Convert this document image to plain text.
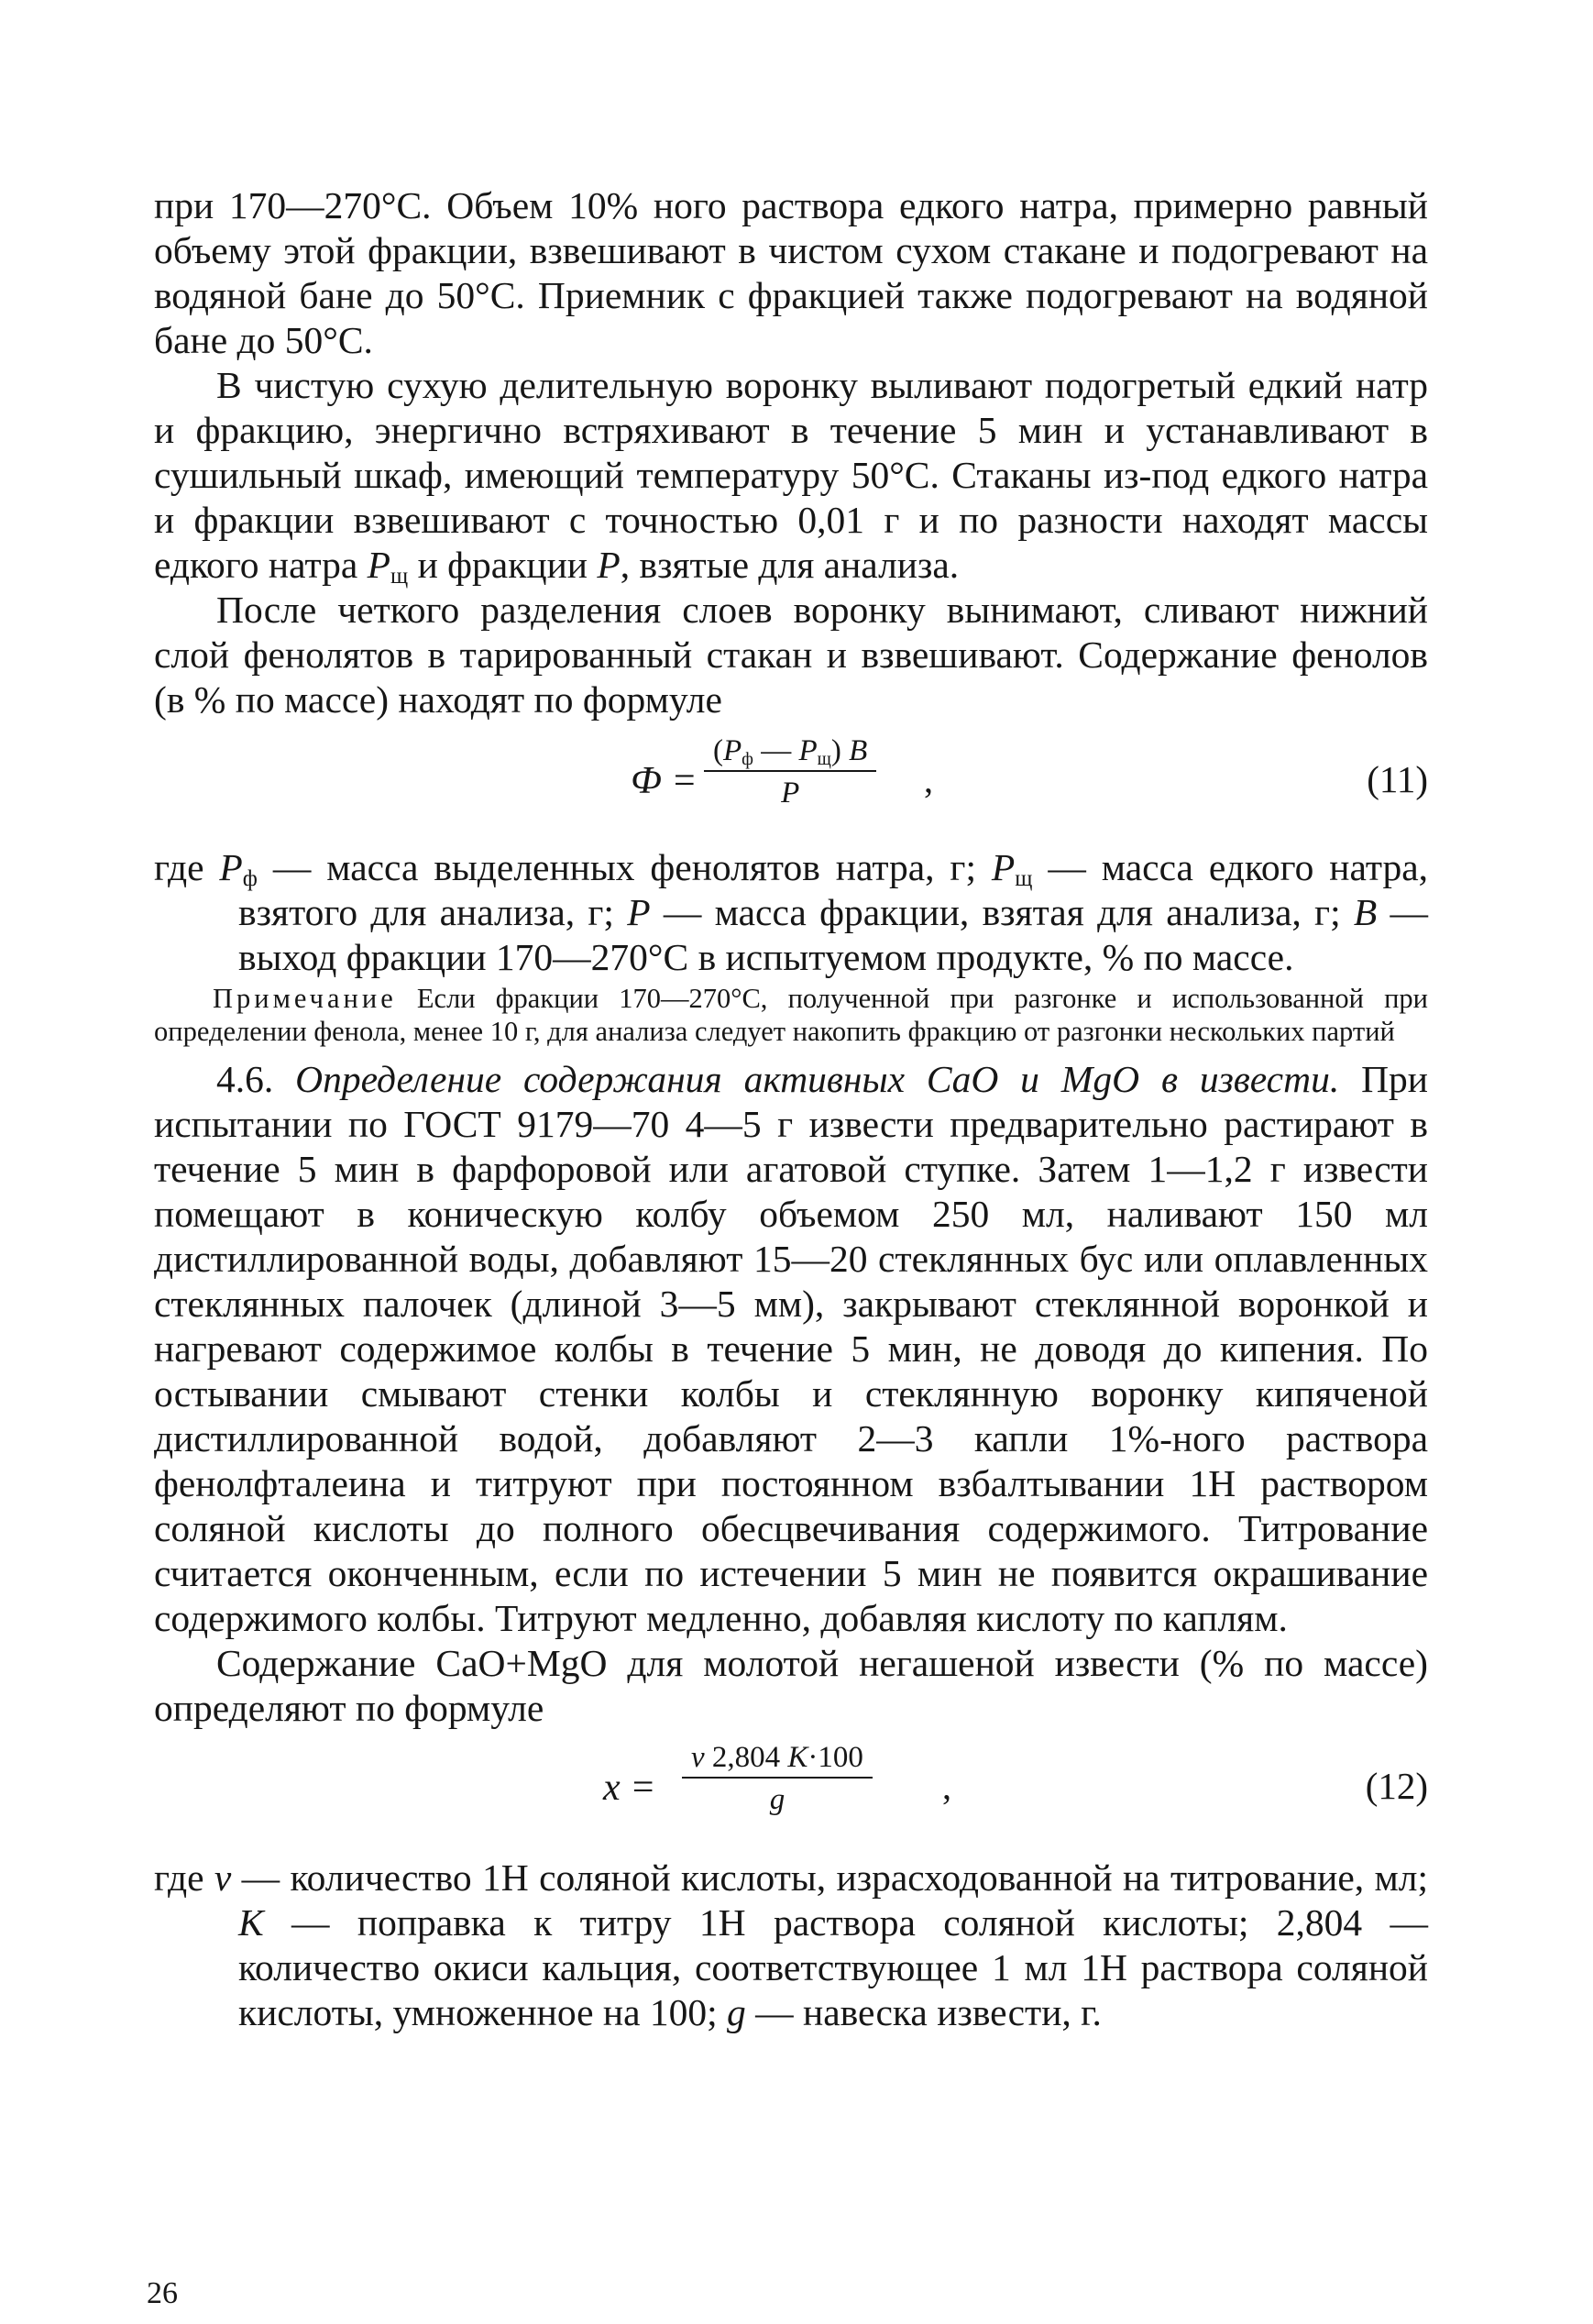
при 170—270°С. Объем 10% ного раствора едкого натра, примерно равный объему этой фракции, взвешивают в чистом сухом стакане и подогревают на водяной бане до 50°С. Приемник с фракцией также подогревают на водяной бане до 50°С.

В чистую сухую делительную воронку выливают подогретый едкий натр и фракцию, энергично встряхивают в течение 5 мин и устанавливают в сушильный шкаф, имеющий температуру 50°С. Стаканы из-под едкого натра и фракции взвешивают с точностью 0,01 г и по разности находят массы едкого натра $P_щ$ и фракции P, взятые для анализа.

После четкого разделения слоев воронку вынимают, сливают нижний слой фенолятов в тарированный стакан и взвешивают. Содержание фенолов (в % по массе) находят по формуле

Ф =
($P_ф$ — $P_щ$) B
P	,	(11)

где $P_ф$ — масса выделенных фенолятов натра, г; $P_щ$ — масса едкого натра, взятого для анализа, г; P — масса фракции, взятая для анализа, г; B — выход фракции 170—270°С в испытуемом продукте, % по массе.

Примечание Если фракции 170—270°С, полученной при разгонке и использованной при определении фенола, менее 10 г, для анализа следует накопить фракцию от разгонки нескольких партий

4.6. Определение содержания активных CaO и MgO в извести. При испытании по ГОСТ 9179—70 4—5 г извести предварительно растирают в течение 5 мин в фарфоровой или агатовой ступке. Затем 1—1,2 г извести помещают в коническую колбу объемом 250 мл, наливают 150 мл дистиллированной воды, добавляют 15—20 стеклянных бус или оплавленных стеклянных палочек (длиной 3—5 мм), закрывают стеклянной воронкой и нагревают содержимое колбы в течение 5 мин, не доводя до кипения. По остывании смывают стенки колбы и стеклянную воронку кипяченой дистиллированной водой, добавляют 2—3 капли 1%-ного раствора фенолфталеина и титруют при постоянном взбалтывании 1Н раствором соляной кислоты до полного обесцвечивания содержимого. Титрование считается оконченным, если по истечении 5 мин не появится окрашивание содержимого колбы. Титруют медленно, добавляя кислоту по каплям.

Содержание CaO+MgO для молотой негашеной извести (% по массе) определяют по формуле

$x = \frac{v 2,804 K\cdot 100}{g}$ ,	(12)

где v — количество 1Н соляной кислоты, израсходованной на титрование, мл; K — поправка к титру 1Н раствора соляной кислоты; 2,804 — количество окиси кальция, соответствующее 1 мл 1Н раствора соляной кислоты, умноженное на 100; g — навеска извести, г.

26
